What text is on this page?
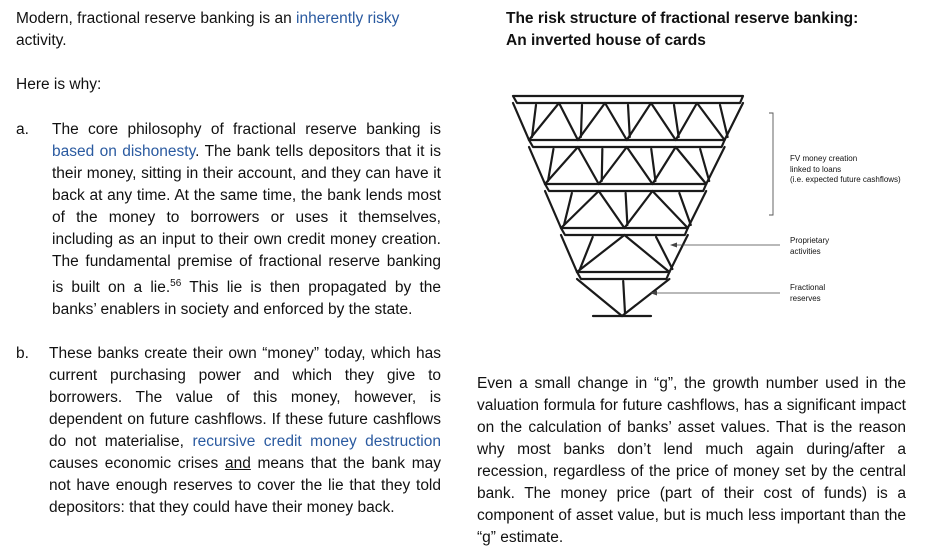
Modern, fractional reserve banking is an inherently risky
activity.
Here is why:
a. The core philosophy of fractional reserve banking is based on dishonesty. The bank tells depositors that it is their money, sitting in their account, and they can have it back at any time. At the same time, the bank lends most of the money to borrowers or uses it themselves, including as an input to their own credit money creation. The fundamental premise of fractional reserve banking is built on a lie.$^{56}$ This lie is then propagated by the banks’ enablers in society and enforced by the state.
b. These banks create their own “money” today, which has current purchasing power and which they give to borrowers. The value of this money, however, is dependent on future cashflows. If these future cashflows do not materialise, recursive credit money destruction causes economic crises and means that the bank may not have enough reserves to cover the lie that they told depositors: that they could have their money back.
The risk structure of fractional reserve banking:
An inverted house of cards
FV money creation
linked to loans
(i.e. expected future cashflows)
Proprietary
activities
Fractional
reserves
Even a small change in “g”, the growth number used in the valuation formula for future cashflows, has a significant impact on the calculation of banks’ asset values. That is the reason why most banks don’t lend much again during/after a recession, regardless of the price of money set by the central bank. The money price (part of their cost of funds) is a component of asset value, but is much less important than the “g” estimate.
